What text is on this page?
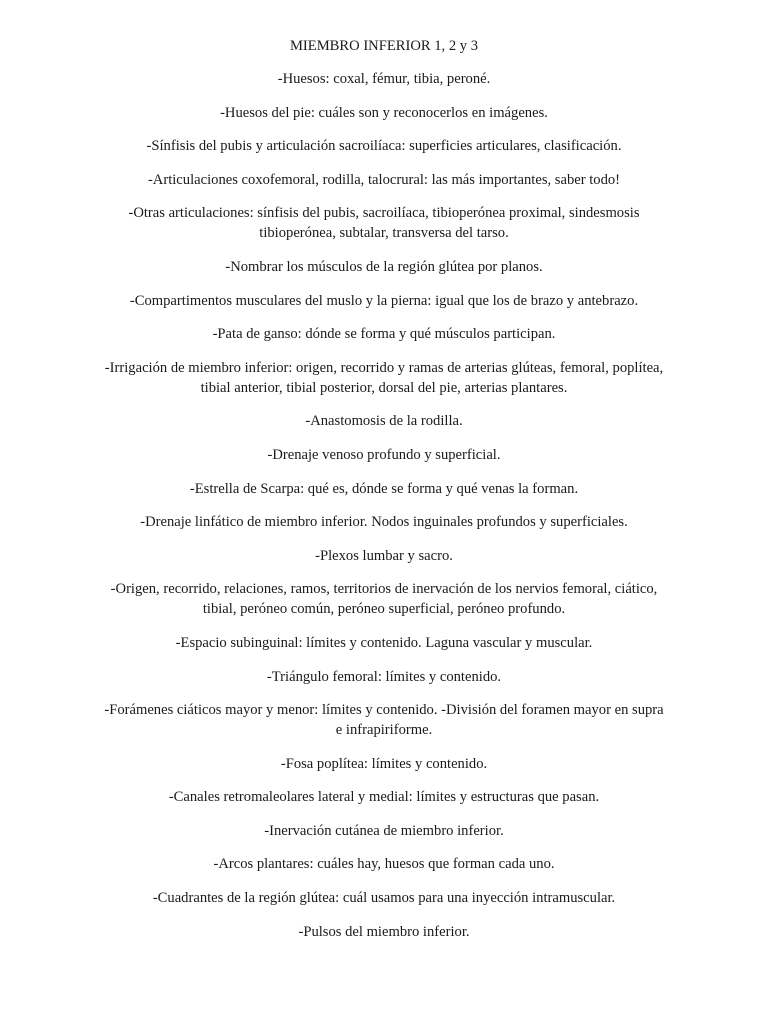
MIEMBRO INFERIOR 1, 2 y 3
-Huesos: coxal, fémur, tibia, peroné.
-Huesos del pie: cuáles son y reconocerlos en imágenes.
-Sínfisis del pubis y articulación sacroilíaca: superficies articulares, clasificación.
-Articulaciones coxofemoral, rodilla, talocrural: las más importantes, saber todo!
-Otras articulaciones: sínfisis del pubis, sacroilíaca, tibioperónea proximal, sindesmosis tibioperónea, subtalar, transversa del tarso.
-Nombrar los músculos de la región glútea por planos.
-Compartimentos musculares del muslo y la pierna: igual que los de brazo y antebrazo.
-Pata de ganso: dónde se forma y qué músculos participan.
-Irrigación de miembro inferior: origen, recorrido y ramas de arterias glúteas, femoral, poplítea, tibial anterior, tibial posterior, dorsal del pie, arterias plantares.
-Anastomosis de la rodilla.
-Drenaje venoso profundo y superficial.
-Estrella de Scarpa: qué es, dónde se forma y qué venas la forman.
-Drenaje linfático de miembro inferior. Nodos inguinales profundos y superficiales.
-Plexos lumbar y sacro.
-Origen, recorrido, relaciones, ramos, territorios de inervación de los nervios femoral, ciático, tibial, peróneo común, peróneo superficial, peróneo profundo.
-Espacio subinguinal: límites y contenido. Laguna vascular y muscular.
-Triángulo femoral: límites y contenido.
-Forámenes ciáticos mayor y menor: límites y contenido. -División del foramen mayor en supra e infrapiriforme.
-Fosa poplítea: límites y contenido.
-Canales retromaleolares lateral y medial: límites y estructuras que pasan.
-Inervación cutánea de miembro inferior.
-Arcos plantares: cuáles hay, huesos que forman cada uno.
-Cuadrantes de la región glútea: cuál usamos para una inyección intramuscular.
-Pulsos del miembro inferior.
